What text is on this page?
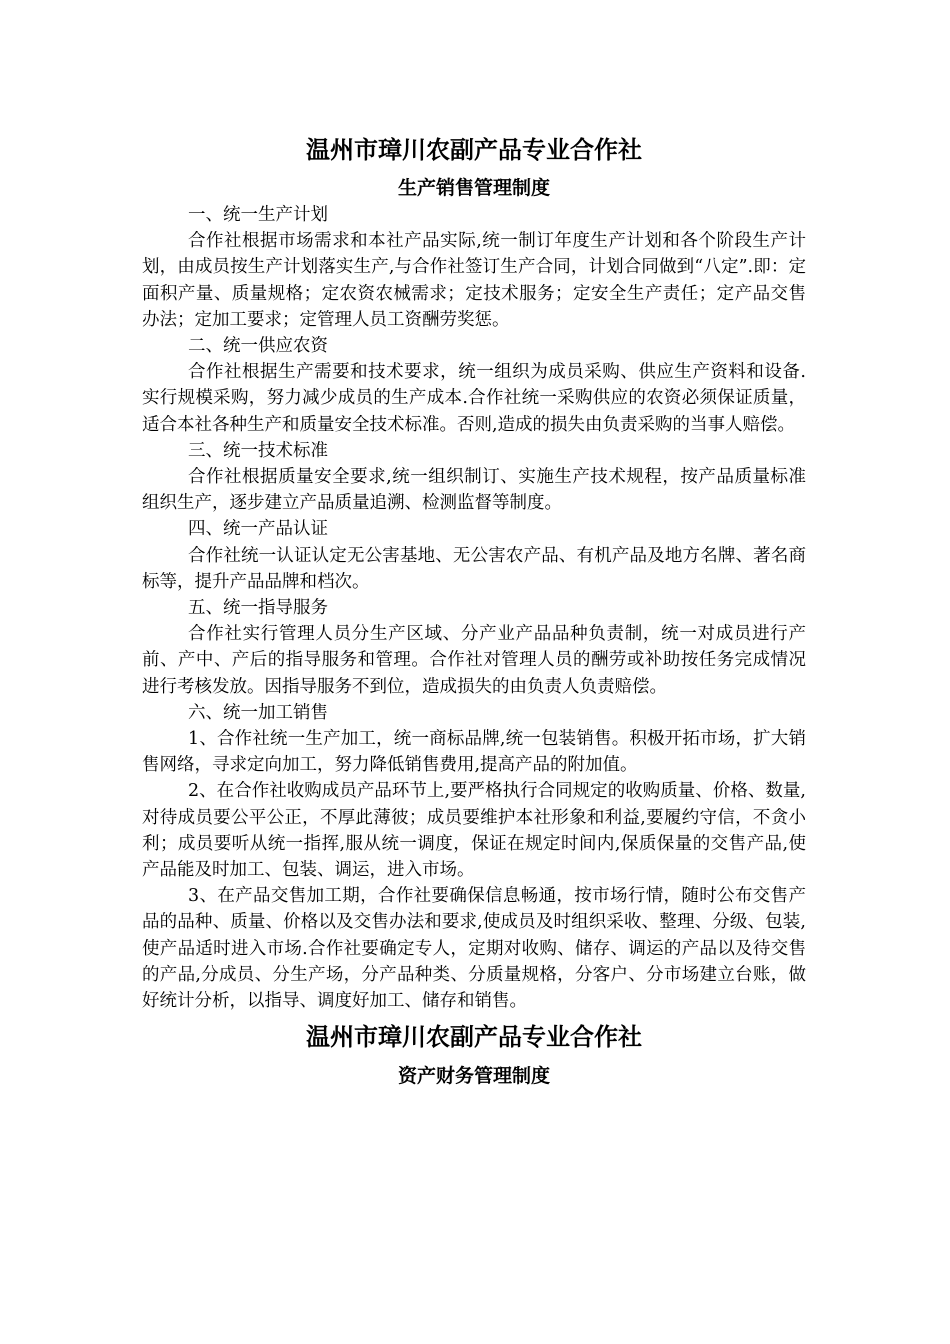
温州市璋川农副产品专业合作社
生产销售管理制度

一、统一生产计划

合作社根据市场需求和本社产品实际,统一制订年度生产计划和各个阶段生产计划，由成员按生产计划落实生产,与合作社签订生产合同，计划合同做到“八定”.即：定面积产量、质量规格；定农资农械需求；定技术服务；定安全生产责任；定产品交售办法；定加工要求；定管理人员工资酬劳奖惩。

二、统一供应农资

合作社根据生产需要和技术要求，统一组织为成员采购、供应生产资料和设备.实行规模采购，努力减少成员的生产成本.合作社统一采购供应的农资必须保证质量，适合本社各种生产和质量安全技术标准。否则,造成的损失由负责采购的当事人赔偿。

三、统一技术标准

合作社根据质量安全要求,统一组织制订、实施生产技术规程，按产品质量标准组织生产，逐步建立产品质量追溯、检测监督等制度。

四、统一产品认证

合作社统一认证认定无公害基地、无公害农产品、有机产品及地方名牌、著名商标等，提升产品品牌和档次。

五、统一指导服务

合作社实行管理人员分生产区域、分产业产品品种负责制，统一对成员进行产前、产中、产后的指导服务和管理。合作社对管理人员的酬劳或补助按任务完成情况进行考核发放。因指导服务不到位，造成损失的由负责人负责赔偿。

六、统一加工销售

1、合作社统一生产加工，统一商标品牌,统一包装销售。积极开拓市场，扩大销售网络，寻求定向加工，努力降低销售费用,提高产品的附加值。

2、在合作社收购成员产品环节上,要严格执行合同规定的收购质量、价格、数量,对待成员要公平公正，不厚此薄彼；成员要维护本社形象和利益,要履约守信，不贪小利；成员要听从统一指挥,服从统一调度，保证在规定时间内,保质保量的交售产品,使产品能及时加工、包装、调运，进入市场。

3、在产品交售加工期，合作社要确保信息畅通，按市场行情，随时公布交售产品的品种、质量、价格以及交售办法和要求,使成员及时组织采收、整理、分级、包装,使产品适时进入市场.合作社要确定专人，定期对收购、储存、调运的产品以及待交售的产品,分成员、分生产场，分产品种类、分质量规格，分客户、分市场建立台账，做好统计分析，以指导、调度好加工、储存和销售。

温州市璋川农副产品专业合作社
资产财务管理制度
